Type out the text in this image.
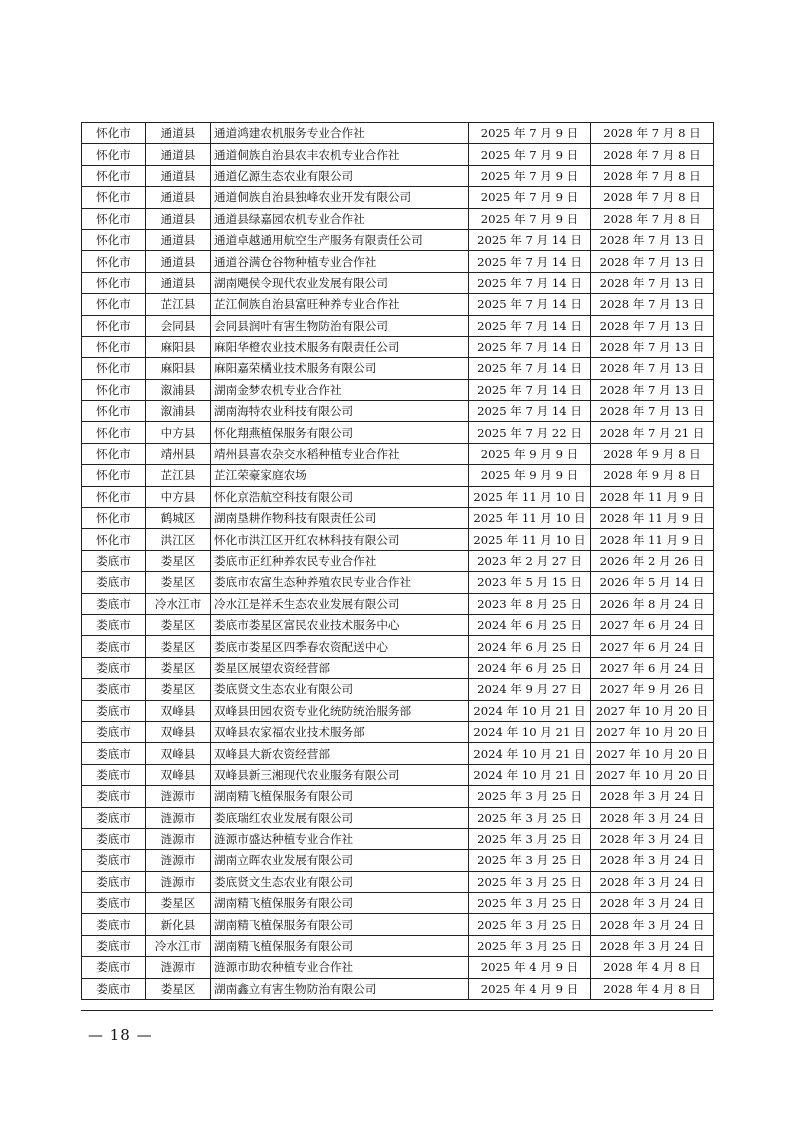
怀化市	通道县	通道鸿建农机服务专业合作社	2025 年 7 月 9 日	2028 年 7 月 8 日
怀化市	通道县	通道侗族自治县农丰农机专业合作社	2025 年 7 月 9 日	2028 年 7 月 8 日
怀化市	通道县	通道亿源生态农业有限公司	2025 年 7 月 9 日	2028 年 7 月 8 日
怀化市	通道县	通道侗族自治县独峰农业开发有限公司	2025 年 7 月 9 日	2028 年 7 月 8 日
怀化市	通道县	通道县绿嘉园农机专业合作社	2025 年 7 月 9 日	2028 年 7 月 8 日
怀化市	通道县	通道卓越通用航空生产服务有限责任公司	2025 年 7 月 14 日	2028 年 7 月 13 日
怀化市	通道县	通道谷满仓谷物种植专业合作社	2025 年 7 月 14 日	2028 年 7 月 13 日
怀化市	通道县	湖南飓侯令现代农业发展有限公司	2025 年 7 月 14 日	2028 年 7 月 13 日
怀化市	芷江县	芷江侗族自治县富旺种养专业合作社	2025 年 7 月 14 日	2028 年 7 月 13 日
怀化市	会同县	会同县润叶有害生物防治有限公司	2025 年 7 月 14 日	2028 年 7 月 13 日
怀化市	麻阳县	麻阳华橙农业技术服务有限责任公司	2025 年 7 月 14 日	2028 年 7 月 13 日
怀化市	麻阳县	麻阳嘉荣橘业技术服务有限公司	2025 年 7 月 14 日	2028 年 7 月 13 日
怀化市	溆浦县	湖南金梦农机专业合作社	2025 年 7 月 14 日	2028 年 7 月 13 日
怀化市	溆浦县	湖南海特农业科技有限公司	2025 年 7 月 14 日	2028 年 7 月 13 日
怀化市	中方县	怀化翔燕植保服务有限公司	2025 年 7 月 22 日	2028 年 7 月 21 日
怀化市	靖州县	靖州县喜农杂交水稻种植专业合作社	2025 年 9 月 9 日	2028 年 9 月 8 日
怀化市	芷江县	芷江荣豪家庭农场	2025 年 9 月 9 日	2028 年 9 月 8 日
怀化市	中方县	怀化京浩航空科技有限公司	2025 年 11 月 10 日	2028 年 11 月 9 日
怀化市	鹤城区	湖南垦耕作物科技有限责任公司	2025 年 11 月 10 日	2028 年 11 月 9 日
怀化市	洪江区	怀化市洪江区开红农林科技有限公司	2025 年 11 月 10 日	2028 年 11 月 9 日
娄底市	娄星区	娄底市正红种养农民专业合作社	2023 年 2 月 27 日	2026 年 2 月 26 日
娄底市	娄星区	娄底市农富生态种养殖农民专业合作社	2023 年 5 月 15 日	2026 年 5 月 14 日
娄底市	冷水江市	冷水江是祥禾生态农业发展有限公司	2023 年 8 月 25 日	2026 年 8 月 24 日
娄底市	娄星区	娄底市娄星区富民农业技术服务中心	2024 年 6 月 25 日	2027 年 6 月 24 日
娄底市	娄星区	娄底市娄星区四季春农资配送中心	2024 年 6 月 25 日	2027 年 6 月 24 日
娄底市	娄星区	娄星区展望农资经营部	2024 年 6 月 25 日	2027 年 6 月 24 日
娄底市	娄星区	娄底贤文生态农业有限公司	2024 年 9 月 27 日	2027 年 9 月 26 日
娄底市	双峰县	双峰县田园农资专业化统防统治服务部	2024 年 10 月 21 日	2027 年 10 月 20 日
娄底市	双峰县	双峰县农家福农业技术服务部	2024 年 10 月 21 日	2027 年 10 月 20 日
娄底市	双峰县	双峰县大新农资经营部	2024 年 10 月 21 日	2027 年 10 月 20 日
娄底市	双峰县	双峰县新三湘现代农业服务有限公司	2024 年 10 月 21 日	2027 年 10 月 20 日
娄底市	涟源市	湖南精飞植保服务有限公司	2025 年 3 月 25 日	2028 年 3 月 24 日
娄底市	涟源市	娄底瑞红农业发展有限公司	2025 年 3 月 25 日	2028 年 3 月 24 日
娄底市	涟源市	涟源市盛达种植专业合作社	2025 年 3 月 25 日	2028 年 3 月 24 日
娄底市	涟源市	湖南立晖农业发展有限公司	2025 年 3 月 25 日	2028 年 3 月 24 日
娄底市	涟源市	娄底贤文生态农业有限公司	2025 年 3 月 25 日	2028 年 3 月 24 日
娄底市	娄星区	湖南精飞植保服务有限公司	2025 年 3 月 25 日	2028 年 3 月 24 日
娄底市	新化县	湖南精飞植保服务有限公司	2025 年 3 月 25 日	2028 年 3 月 24 日
娄底市	冷水江市	湖南精飞植保服务有限公司	2025 年 3 月 25 日	2028 年 3 月 24 日
娄底市	涟源市	涟源市助农种植专业合作社	2025 年 4 月 9 日	2028 年 4 月 8 日
娄底市	娄星区	湖南鑫立有害生物防治有限公司	2025 年 4 月 9 日	2028 年 4 月 8 日
— 18 —
